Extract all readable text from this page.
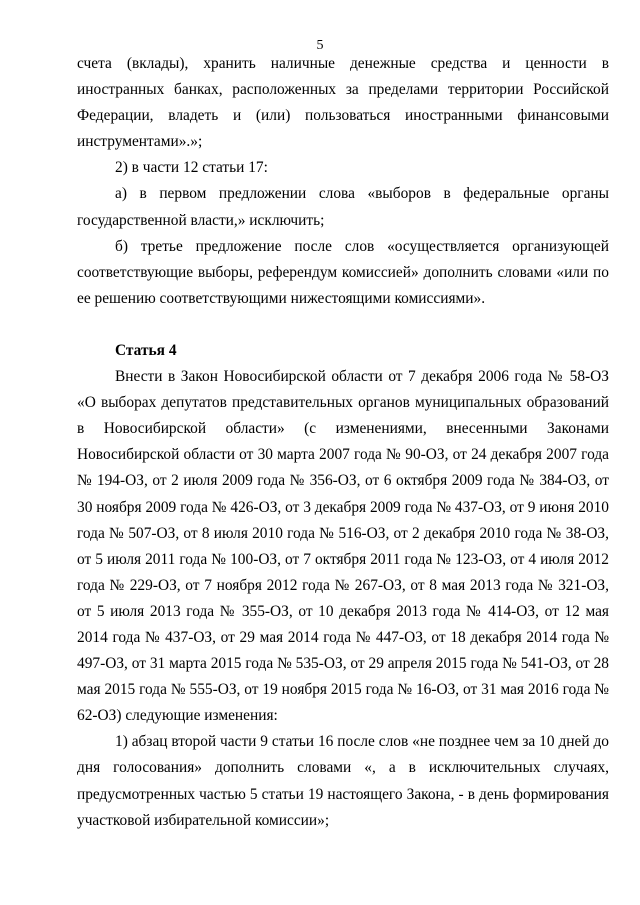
5

счета (вклады), хранить наличные денежные средства и ценности в иностранных банках, расположенных за пределами территории Российской Федерации, владеть и (или) пользоваться иностранными финансовыми инструментами».»;

2) в части 12 статьи 17:

а) в первом предложении слова «выборов в федеральные органы государственной власти,» исключить;

б) третье предложение после слов «осуществляется организующей соответствующие выборы, референдум комиссией» дополнить словами «или по ее решению соответствующими нижестоящими комиссиями».

Статья 4

Внести в Закон Новосибирской области от 7 декабря 2006 года № 58-ОЗ «О выборах депутатов представительных органов муниципальных образований в Новосибирской области» (с изменениями, внесенными Законами Новосибирской области от 30 марта 2007 года № 90-ОЗ, от 24 декабря 2007 года № 194-ОЗ, от 2 июля 2009 года № 356-ОЗ, от 6 октября 2009 года № 384-ОЗ, от 30 ноября 2009 года № 426-ОЗ, от 3 декабря 2009 года № 437-ОЗ, от 9 июня 2010 года № 507-ОЗ, от 8 июля 2010 года № 516-ОЗ, от 2 декабря 2010 года № 38-ОЗ, от 5 июля 2011 года № 100-ОЗ, от 7 октября 2011 года № 123-ОЗ, от 4 июля 2012 года № 229-ОЗ, от 7 ноября 2012 года № 267-ОЗ, от 8 мая 2013 года № 321-ОЗ, от 5 июля 2013 года № 355-ОЗ, от 10 декабря 2013 года № 414-ОЗ, от 12 мая 2014 года № 437-ОЗ, от 29 мая 2014 года № 447-ОЗ, от 18 декабря 2014 года № 497-ОЗ, от 31 марта 2015 года № 535-ОЗ, от 29 апреля 2015 года № 541-ОЗ, от 28 мая 2015 года № 555-ОЗ, от 19 ноября 2015 года № 16-ОЗ, от 31 мая 2016 года № 62-ОЗ) следующие изменения:

1) абзац второй части 9 статьи 16 после слов «не позднее чем за 10 дней до дня голосования» дополнить словами «, а в исключительных случаях, предусмотренных частью 5 статьи 19 настоящего Закона, - в день формирования участковой избирательной комиссии»;
